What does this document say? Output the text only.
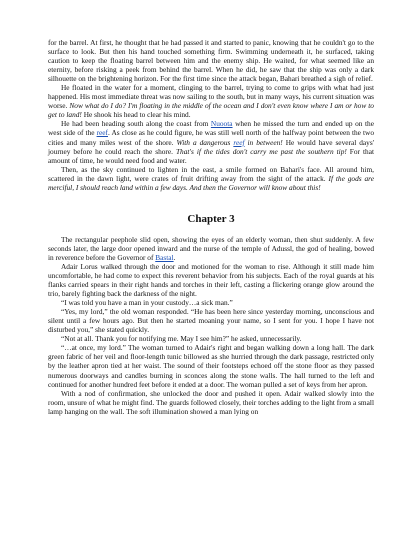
for the barrel. At first, he thought that he had passed it and started to panic, knowing that he couldn't go to the surface to look. But then his hand touched something firm. Swimming underneath it, he surfaced, taking caution to keep the floating barrel between him and the enemy ship. He waited, for what seemed like an eternity, before risking a peek from behind the barrel. When he did, he saw that the ship was only a dark silhouette on the brightening horizon. For the first time since the attack began, Bahari breathed a sigh of relief.

He floated in the water for a moment, clinging to the barrel, trying to come to grips with what had just happened. His most immediate threat was now sailing to the south, but in many ways, his current situation was worse. Now what do I do? I'm floating in the middle of the ocean and I don't even know where I am or how to get to land! He shook his head to clear his mind.

He had been heading south along the coast from Nuoota when he missed the turn and ended up on the west side of the reef. As close as he could figure, he was still well north of the halfway point between the two cities and many miles west of the shore. With a dangerous reef in between! He would have several days' journey before he could reach the shore. That's if the tides don't carry me past the southern tip! For that amount of time, he would need food and water.

Then, as the sky continued to lighten in the east, a smile formed on Bahari's face. All around him, scattered in the dawn light, were crates of fruit drifting away from the sight of the attack. If the gods are merciful, I should reach land within a few days. And then the Governor will know about this!

Chapter 3

The rectangular peephole slid open, showing the eyes of an elderly woman, then shut suddenly. A few seconds later, the large door opened inward and the nurse of the temple of Adussl, the god of healing, bowed in reverence before the Governor of Bastal.

Adair Lorus walked through the door and motioned for the woman to rise. Although it still made him uncomfortable, he had come to expect this reverent behavior from his subjects. Each of the royal guards at his flanks carried spears in their right hands and torches in their left, casting a flickering orange glow around the trio, barely fighting back the darkness of the night.

“I was told you have a man in your custody…a sick man.”

“Yes, my lord,” the old woman responded. “He has been here since yesterday morning, unconscious and silent until a few hours ago. But then he started moaning your name, so I sent for you. I hope I have not disturbed you,” she stated quickly.

“Not at all. Thank you for notifying me. May I see him?” he asked, unnecessarily.

“…at once, my lord.” The woman turned to Adair's right and began walking down a long hall. The dark green fabric of her veil and floor-length tunic billowed as she hurried through the dark passage, restricted only by the leather apron tied at her waist. The sound of their footsteps echoed off the stone floor as they passed numerous doorways and candles burning in sconces along the stone walls. The hall turned to the left and continued for another hundred feet before it ended at a door. The woman pulled a set of keys from her apron.

With a nod of confirmation, she unlocked the door and pushed it open. Adair walked slowly into the room, unsure of what he might find. The guards followed closely, their torches adding to the light from a small lamp hanging on the wall. The soft illumination showed a man lying on
